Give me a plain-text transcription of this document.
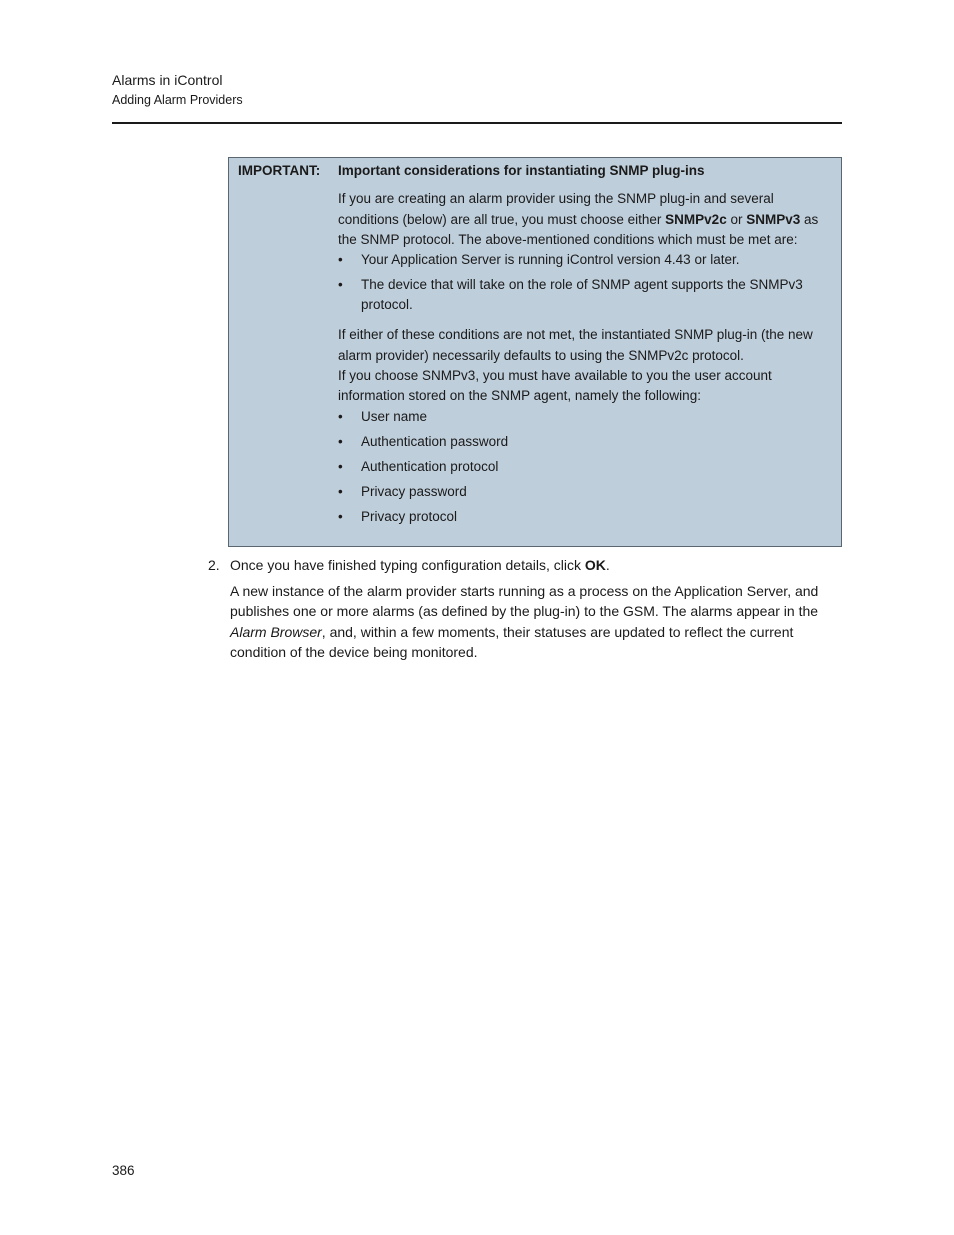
Alarms in iControl
Adding Alarm Providers
IMPORTANT: Important considerations for instantiating SNMP plug-ins

If you are creating an alarm provider using the SNMP plug-in and several conditions (below) are all true, you must choose either SNMPv2c or SNMPv3 as the SNMP protocol. The above-mentioned conditions which must be met are:

• Your Application Server is running iControl version 4.43 or later.
• The device that will take on the role of SNMP agent supports the SNMPv3 protocol.

If either of these conditions are not met, the instantiated SNMP plug-in (the new alarm provider) necessarily defaults to using the SNMPv2c protocol.

If you choose SNMPv3, you must have available to you the user account information stored on the SNMP agent, namely the following:

• User name
• Authentication password
• Authentication protocol
• Privacy password
• Privacy protocol
2. Once you have finished typing configuration details, click OK.
A new instance of the alarm provider starts running as a process on the Application Server, and publishes one or more alarms (as defined by the plug-in) to the GSM. The alarms appear in the Alarm Browser, and, within a few moments, their statuses are updated to reflect the current condition of the device being monitored.
386
